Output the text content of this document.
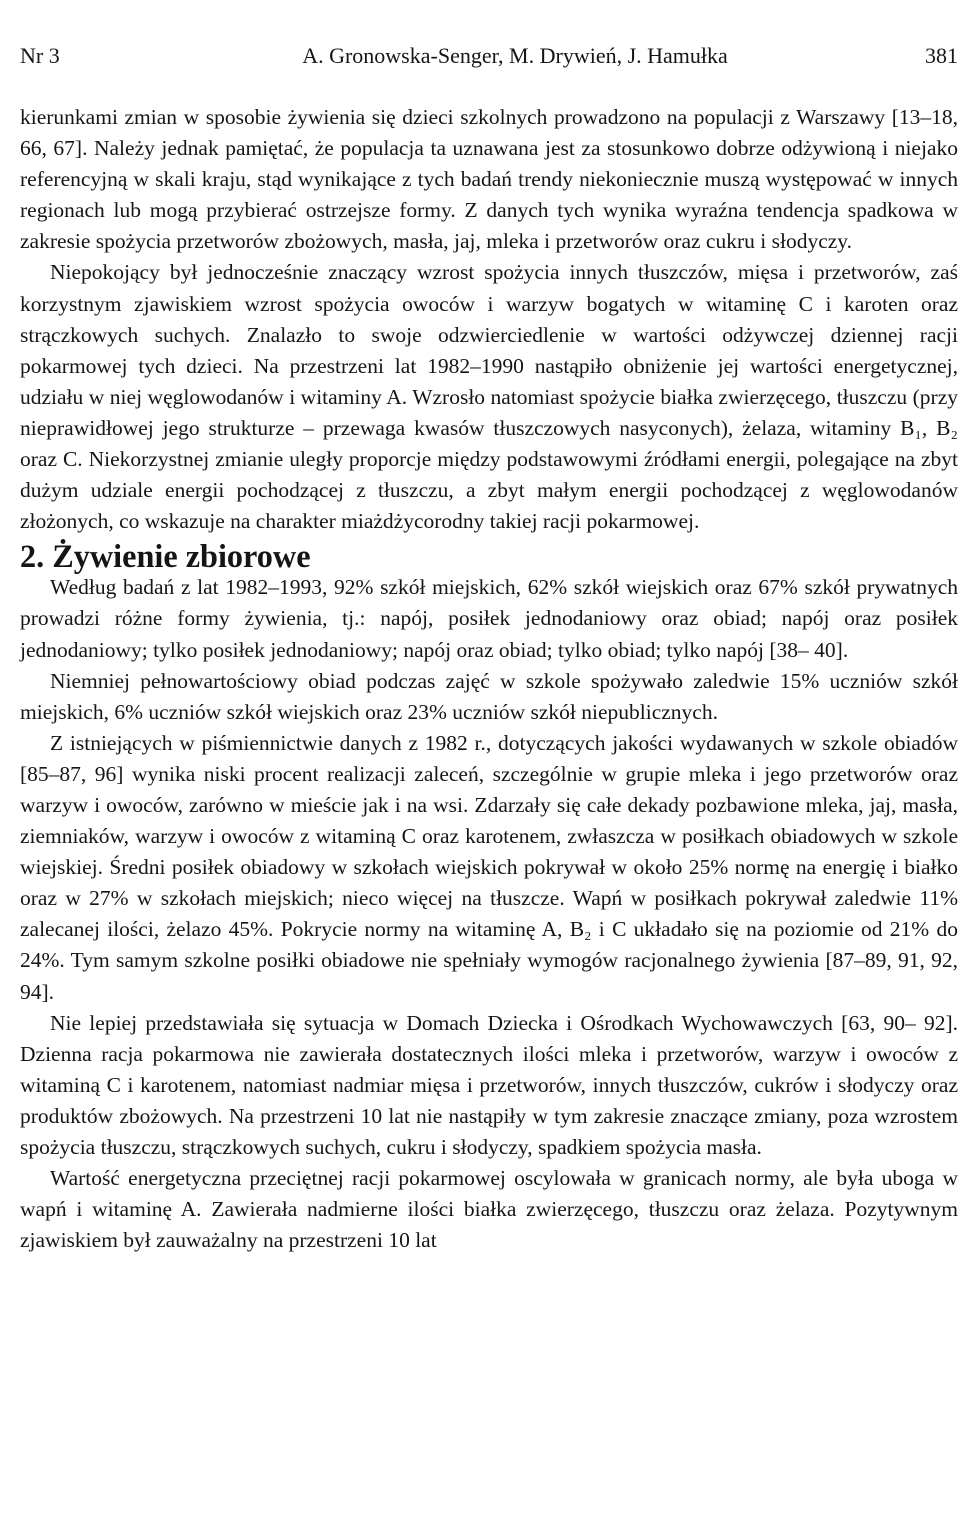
Nr 3	A. Gronowska-Senger, M. Drywień, J. Hamułka	381

kierunkami zmian w sposobie żywienia się dzieci szkolnych prowadzono na populacji z Warszawy [13–18, 66, 67]. Należy jednak pamiętać, że populacja ta uznawana jest za stosunkowo dobrze odżywioną i niejako referencyjną w skali kraju, stąd wynikające z tych badań trendy niekoniecznie muszą występować w innych regionach lub mogą przybierać ostrzejsze formy. Z danych tych wynika wyraźna tendencja spadkowa w zakresie spożycia przetworów zbożowych, masła, jaj, mleka i przetworów oraz cukru i słodyczy.

Niepokojący był jednocześnie znaczący wzrost spożycia innych tłuszczów, mięsa i przetworów, zaś korzystnym zjawiskiem wzrost spożycia owoców i warzyw bogatych w witaminę C i karoten oraz strączkowych suchych. Znalazło to swoje odzwierciedlenie w wartości odżywczej dziennej racji pokarmowej tych dzieci. Na przestrzeni lat 1982–1990 nastąpiło obniżenie jej wartości energetycznej, udziału w niej węglowodanów i witaminy A. Wzrosło natomiast spożycie białka zwierzęcego, tłuszczu (przy nieprawidłowej jego strukturze – przewaga kwasów tłuszczowych nasyconych), żelaza, witaminy B₁, B₂ oraz C. Niekorzystnej zmianie uległy proporcje między podstawowymi źródłami energii, polegające na zbyt dużym udziale energii pochodzącej z tłuszczu, a zbyt małym energii pochodzącej z węglowodanów złożonych, co wskazuje na charakter miażdżycorodny takiej racji pokarmowej.

2. Żywienie zbiorowe

Według badań z lat 1982–1993, 92% szkół miejskich, 62% szkół wiejskich oraz 67% szkół prywatnych prowadzi różne formy żywienia, tj.: napój, posiłek jednodaniowy oraz obiad; napój oraz posiłek jednodaniowy; tylko posiłek jednodaniowy; napój oraz obiad; tylko obiad; tylko napój [38– 40].

Niemniej pełnowartościowy obiad podczas zajęć w szkole spożywało zaledwie 15% uczniów szkół miejskich, 6% uczniów szkół wiejskich oraz 23% uczniów szkół niepublicznych.

Z istniejących w piśmiennictwie danych z 1982 r., dotyczących jakości wydawanych w szkole obiadów [85–87, 96] wynika niski procent realizacji zaleceń, szczególnie w grupie mleka i jego przetworów oraz warzyw i owoców, zarówno w mieście jak i na wsi. Zdarzały się całe dekady pozbawione mleka, jaj, masła, ziemniaków, warzyw i owoców z witaminą C oraz karotenem, zwłaszcza w posiłkach obiadowych w szkole wiejskiej. Średni posiłek obiadowy w szkołach wiejskich pokrywał w około 25% normę na energię i białko oraz w 27% w szkołach miejskich; nieco więcej na tłuszcze. Wapń w posiłkach pokrywał zaledwie 11% zalecanej ilości, żelazo 45%. Pokrycie normy na witaminę A, B₂ i C układało się na poziomie od 21% do 24%. Tym samym szkolne posiłki obiadowe nie spełniały wymogów racjonalnego żywienia [87–89, 91, 92, 94].

Nie lepiej przedstawiała się sytuacja w Domach Dziecka i Ośrodkach Wychowawczych [63, 90– 92]. Dzienna racja pokarmowa nie zawierała dostatecznych ilości mleka i przetworów, warzyw i owoców z witaminą C i karotenem, natomiast nadmiar mięsa i przetworów, innych tłuszczów, cukrów i słodyczy oraz produktów zbożowych. Na przestrzeni 10 lat nie nastąpiły w tym zakresie znaczące zmiany, poza wzrostem spożycia tłuszczu, strączkowych suchych, cukru i słodyczy, spadkiem spożycia masła.

Wartość energetyczna przeciętnej racji pokarmowej oscylowała w granicach normy, ale była uboga w wapń i witaminę A. Zawierała nadmierne ilości białka zwierzęcego, tłuszczu oraz żelaza. Pozytywnym zjawiskiem był zauważalny na przestrzeni 10 lat
